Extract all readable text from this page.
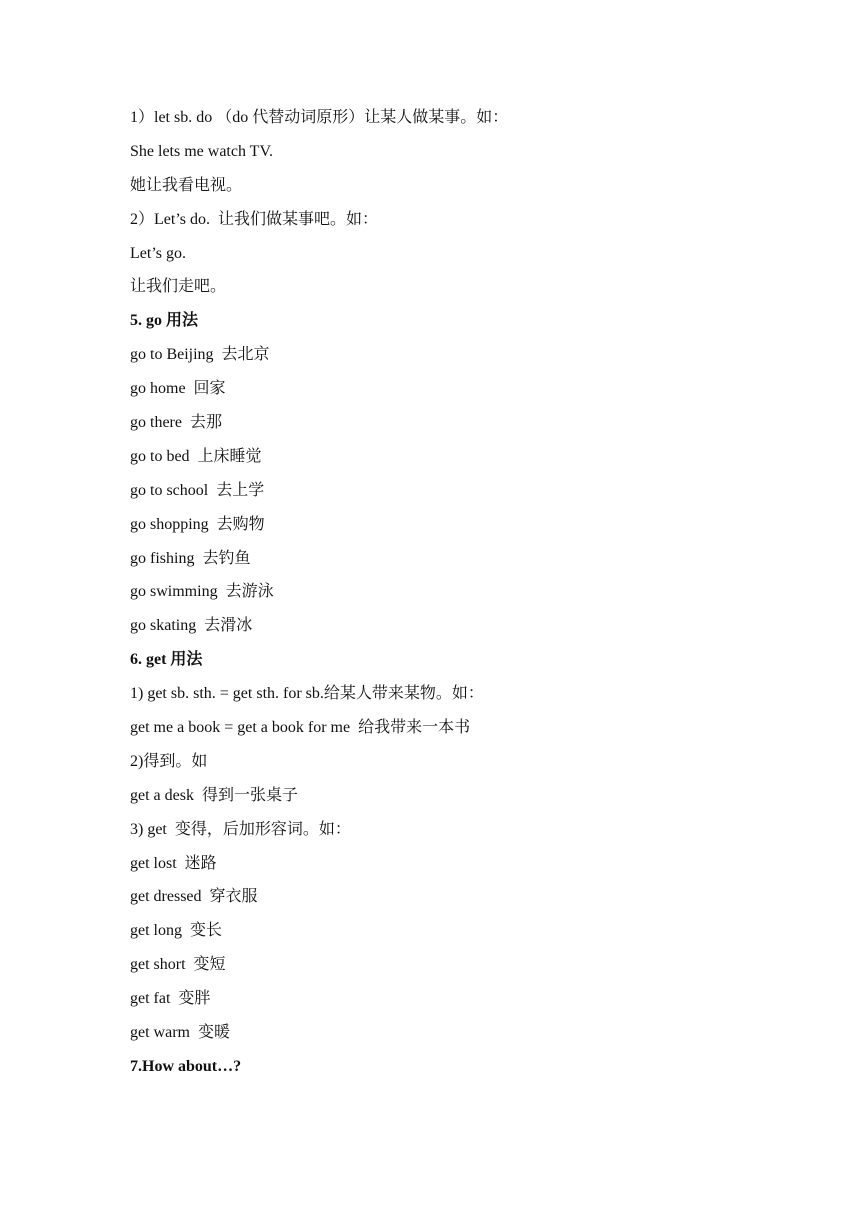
1）let sb. do （do 代替动词原形）让某人做某事。如：
She lets me watch TV.
她让我看电视。
2）Let’s do.  让我们做某事吧。如：
Let’s go.
让我们走吧。
5. go 用法
go to Beijing  去北京
go home  回家
go there  去那
go to bed  上床睡觉
go to school  去上学
go shopping  去购物
go fishing  去钓鱼
go swimming  去游泳
go skating  去滑冰
6. get 用法
1) get sb. sth. = get sth. for sb.给某人带来某物。如：
get me a book = get a book for me  给我带来一本书
2)得到。如
get a desk  得到一张桌子
3) get  变得，后加形容词。如：
get lost  迷路
get dressed  穿衣服
get long  变长
get short  变短
get fat  变胖
get warm  变暖
7.How about…?
